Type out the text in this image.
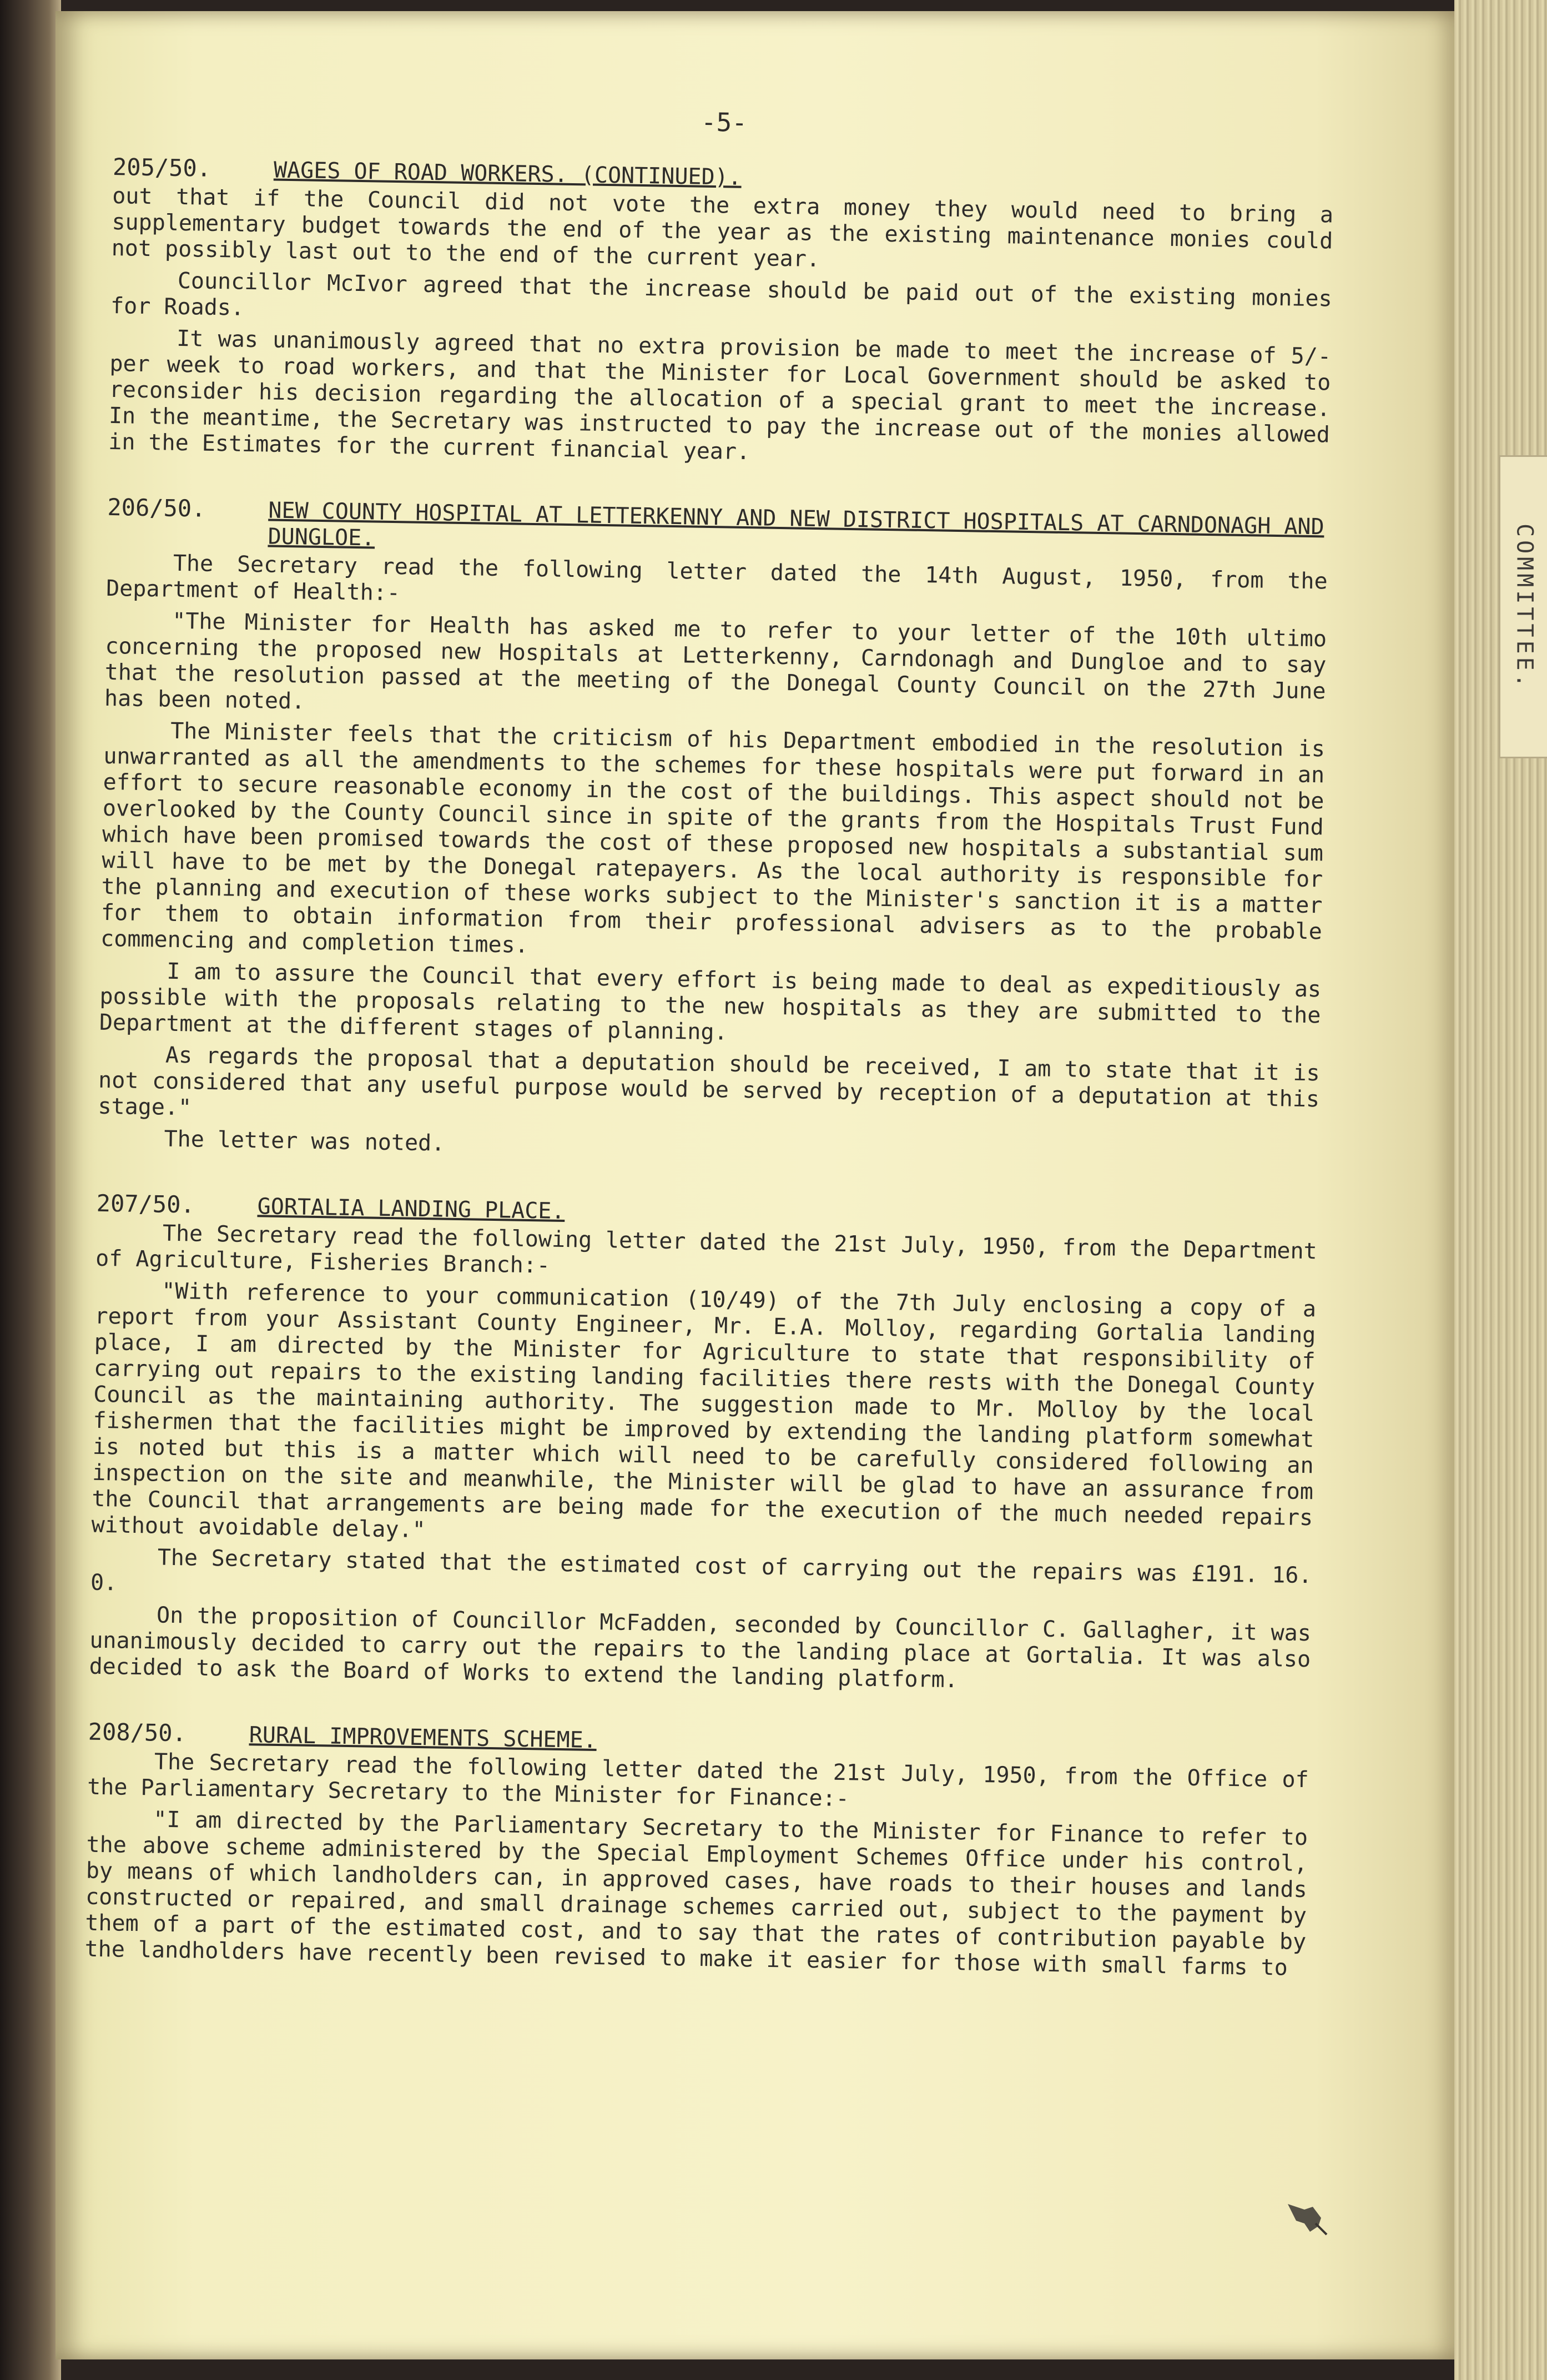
COMMITTEE.
-5-
205/50.	WAGES OF ROAD WORKERS. (CONTINUED).

out that if the Council did not vote the extra money they would need to bring a supplementary budget towards the end of the year as the existing maintenance monies could not possibly last out to the end of the current year.

Councillor McIvor agreed that the increase should be paid out of the existing monies for Roads.

It was unanimously agreed that no extra provision be made to meet the increase of 5/- per week to road workers, and that the Minister for Local Government should be asked to reconsider his decision regarding the allocation of a special grant to meet the increase. In the meantime, the Secretary was instructed to pay the increase out of the monies allowed in the Estimates for the current financial year.

206/50.	NEW COUNTY HOSPITAL AT LETTERKENNY AND NEW DISTRICT HOSPITALS AT CARNDONAGH AND DUNGLOE.

The Secretary read the following letter dated the 14th August, 1950, from the Department of Health:-

"The Minister for Health has asked me to refer to your letter of the 10th ultimo concerning the proposed new Hospitals at Letterkenny, Carndonagh and Dungloe and to say that the resolution passed at the meeting of the Donegal County Council on the 27th June has been noted.

The Minister feels that the criticism of his Department embodied in the resolution is unwarranted as all the amendments to the schemes for these hospitals were put forward in an effort to secure reasonable economy in the cost of the buildings. This aspect should not be overlooked by the County Council since in spite of the grants from the Hospitals Trust Fund which have been promised towards the cost of these proposed new hospitals a substantial sum will have to be met by the Donegal ratepayers. As the local authority is responsible for the planning and execution of these works subject to the Minister's sanction it is a matter for them to obtain information from their professional advisers as to the probable commencing and completion times.

I am to assure the Council that every effort is being made to deal as expeditiously as possible with the proposals relating to the new hospitals as they are submitted to the Department at the different stages of planning.

As regards the proposal that a deputation should be received, I am to state that it is not considered that any useful purpose would be served by reception of a deputation at this stage."

The letter was noted.

207/50.	GORTALIA LANDING PLACE.

The Secretary read the following letter dated the 21st July, 1950, from the Department of Agriculture, Fisheries Branch:-

"With reference to your communication (10/49) of the 7th July enclosing a copy of a report from your Assistant County Engineer, Mr. E.A. Molloy, regarding Gortalia landing place, I am directed by the Minister for Agriculture to state that responsibility of carrying out repairs to the existing landing facilities there rests with the Donegal County Council as the maintaining authority. The suggestion made to Mr. Molloy by the local fishermen that the facilities might be improved by extending the landing platform somewhat is noted but this is a matter which will need to be carefully considered following an inspection on the site and meanwhile, the Minister will be glad to have an assurance from the Council that arrangements are being made for the execution of the much needed repairs without avoidable delay."

The Secretary stated that the estimated cost of carrying out the repairs was £191. 16. 0.

On the proposition of Councillor McFadden, seconded by Councillor C. Gallagher, it was unanimously decided to carry out the repairs to the landing place at Gortalia. It was also decided to ask the Board of Works to extend the landing platform.

208/50.	RURAL IMPROVEMENTS SCHEME.

The Secretary read the following letter dated the 21st July, 1950, from the Office of the Parliamentary Secretary to the Minister for Finance:-

"I am directed by the Parliamentary Secretary to the Minister for Finance to refer to the above scheme administered by the Special Employment Schemes Office under his control, by means of which landholders can, in approved cases, have roads to their houses and lands constructed or repaired, and small drainage schemes carried out, subject to the payment by them of a part of the estimated cost, and to say that the rates of contribution payable by the landholders have recently been revised to make it easier for those with small farms to
